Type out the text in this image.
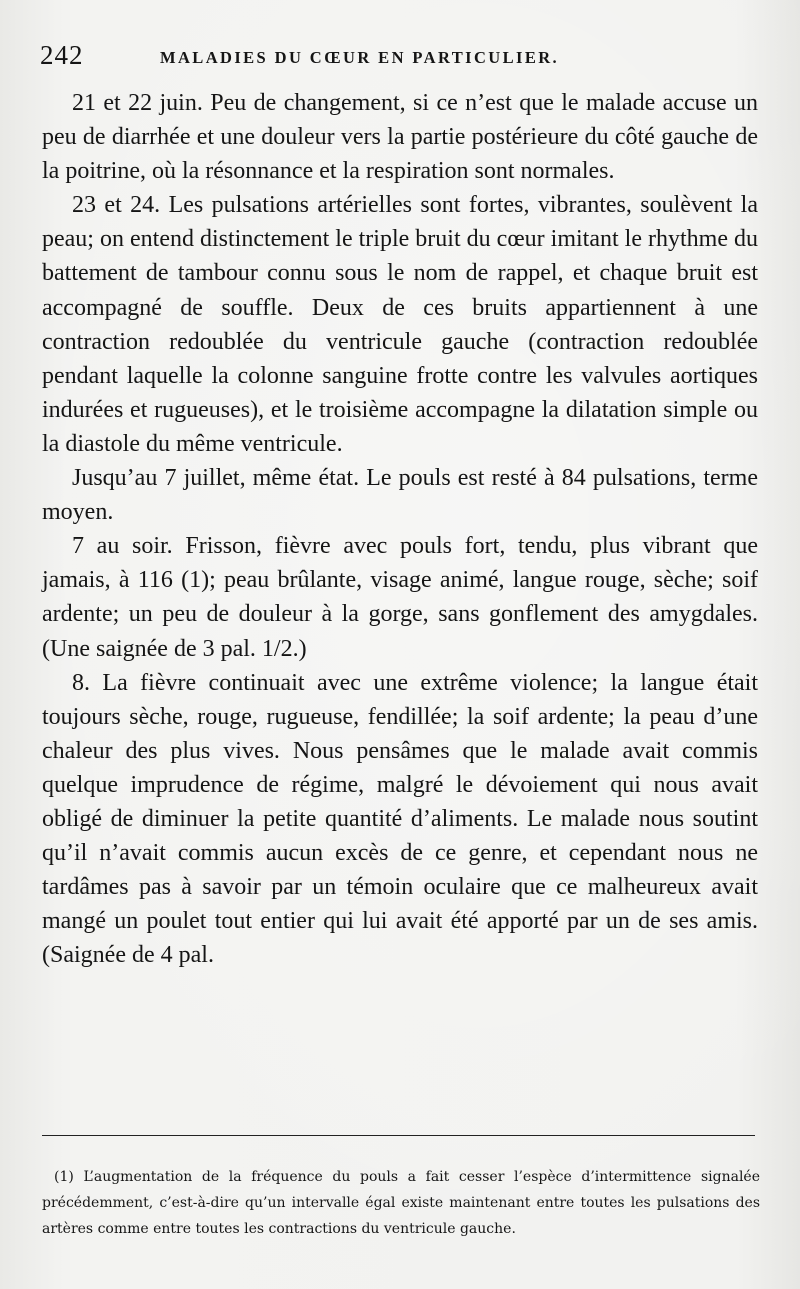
242	MALADIES DU CŒUR EN PARTICULIER.

21 et 22 juin. Peu de changement, si ce n’est que le malade accuse un peu de diarrhée et une douleur vers la partie postérieure du côté gauche de la poitrine, où la résonnance et la respiration sont normales.

23 et 24. Les pulsations artérielles sont fortes, vibrantes, soulèvent la peau; on entend distinctement le triple bruit du cœur imitant le rhythme du battement de tambour connu sous le nom de rappel, et chaque bruit est accompagné de souffle. Deux de ces bruits appartiennent à une contraction redoublée du ventricule gauche (contraction redoublée pendant laquelle la colonne sanguine frotte contre les valvules aortiques indurées et rugueuses), et le troisième accompagne la dilatation simple ou la diastole du même ventricule.

Jusqu’au 7 juillet, même état. Le pouls est resté à 84 pulsations, terme moyen.

7 au soir. Frisson, fièvre avec pouls fort, tendu, plus vibrant que jamais, à 116 (1); peau brûlante, visage animé, langue rouge, sèche; soif ardente; un peu de douleur à la gorge, sans gonflement des amygdales. (Une saignée de 3 pal. 1/2.)

8. La fièvre continuait avec une extrême violence; la langue était toujours sèche, rouge, rugueuse, fendillée; la soif ardente; la peau d’une chaleur des plus vives. Nous pensâmes que le malade avait commis quelque imprudence de régime, malgré le dévoiement qui nous avait obligé de diminuer la petite quantité d’aliments. Le malade nous soutint qu’il n’avait commis aucun excès de ce genre, et cependant nous ne tardâmes pas à savoir par un témoin oculaire que ce malheureux avait mangé un poulet tout entier qui lui avait été apporté par un de ses amis. (Saignée de 4 pal.

(1) L’augmentation de la fréquence du pouls a fait cesser l’espèce d’intermittence signalée précédemment, c’est-à-dire qu’un intervalle égal existe maintenant entre toutes les pulsations des artères comme entre toutes les contractions du ventricule gauche.
